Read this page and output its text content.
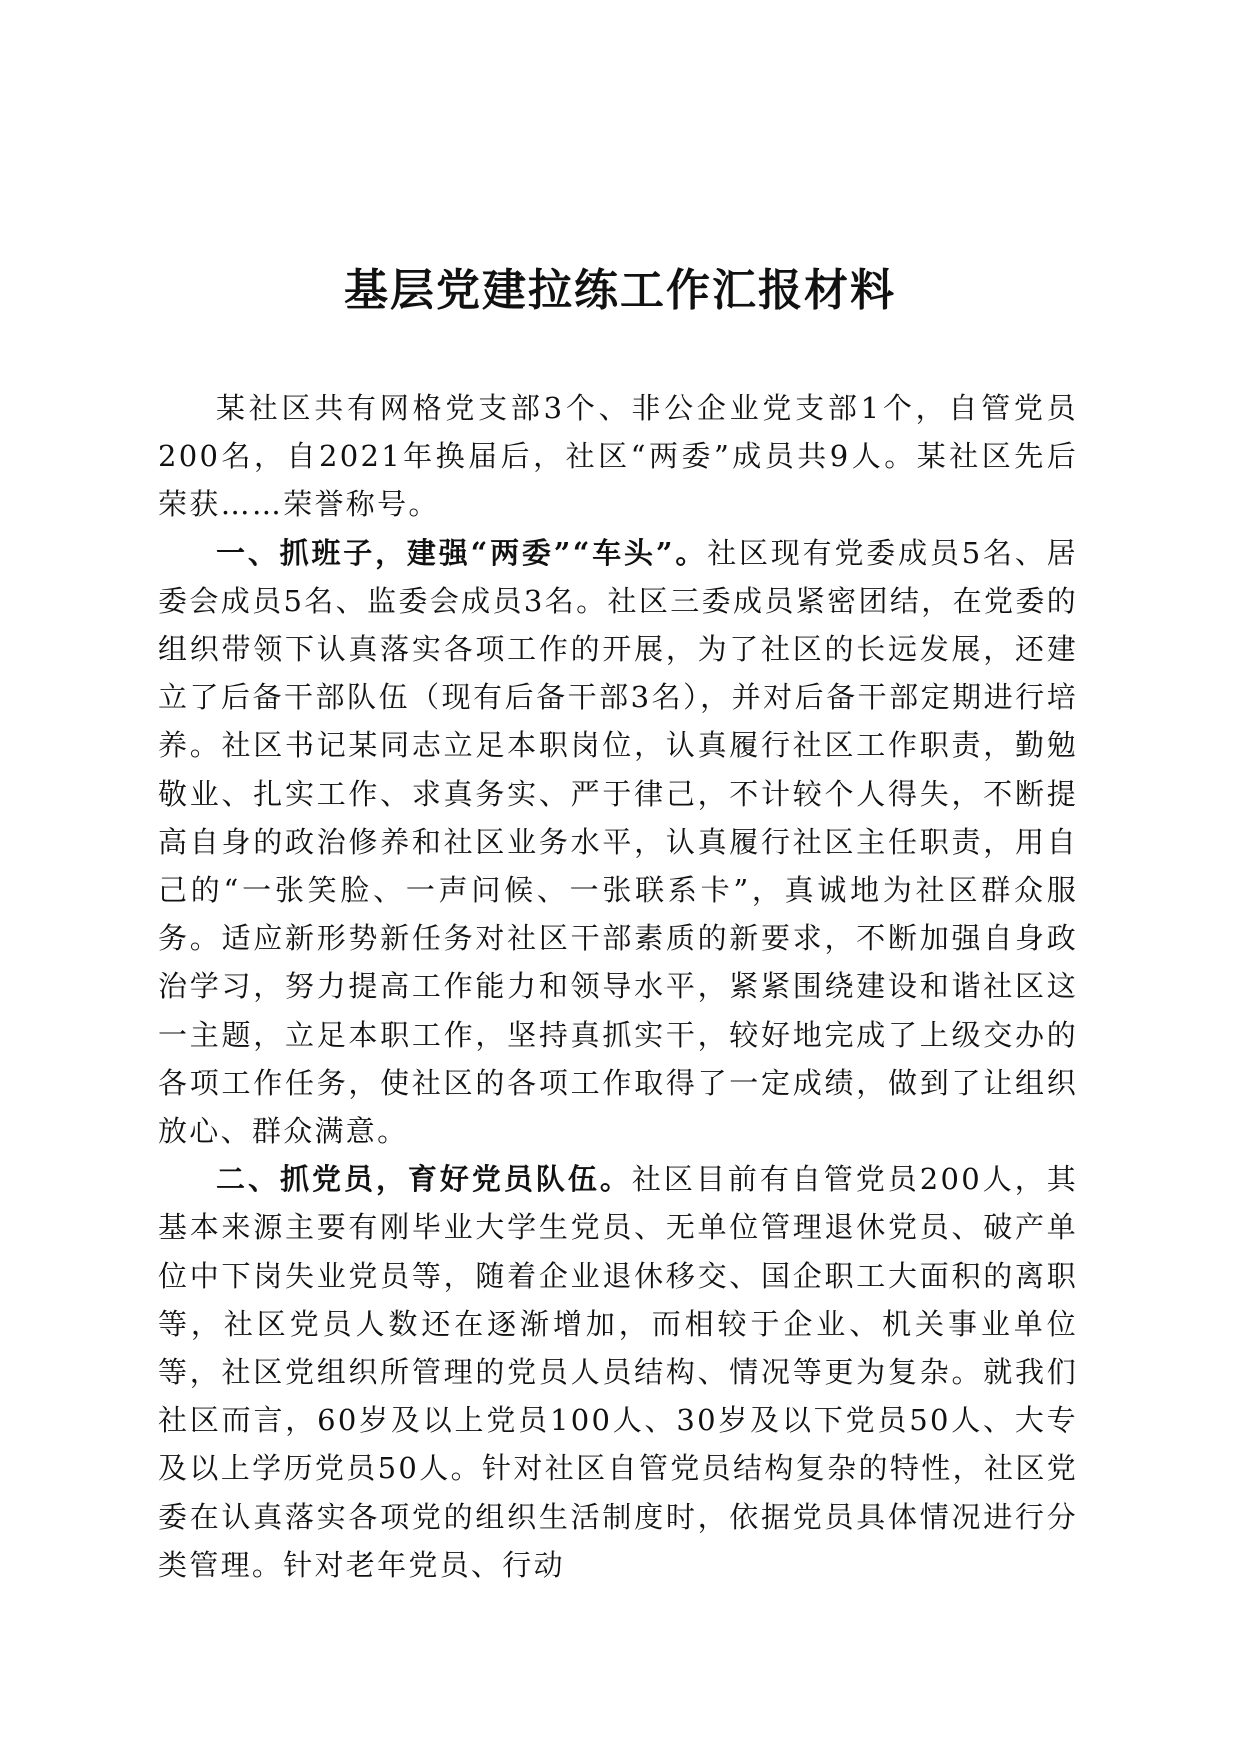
基层党建拉练工作汇报材料

某社区共有网格党支部3个、非公企业党支部1个，自管党员200名，自2021年换届后，社区“两委”成员共9人。某社区先后荣获……荣誉称号。

一、抓班子，建强“两委”“车头”。社区现有党委成员5名、居委会成员5名、监委会成员3名。社区三委成员紧密团结，在党委的组织带领下认真落实各项工作的开展，为了社区的长远发展，还建立了后备干部队伍（现有后备干部3名），并对后备干部定期进行培养。社区书记某同志立足本职岗位，认真履行社区工作职责，勤勉敬业、扎实工作、求真务实、严于律己，不计较个人得失，不断提高自身的政治修养和社区业务水平，认真履行社区主任职责，用自己的“一张笑脸、一声问候、一张联系卡”，真诚地为社区群众服务。适应新形势新任务对社区干部素质的新要求，不断加强自身政治学习，努力提高工作能力和领导水平，紧紧围绕建设和谐社区这一主题，立足本职工作，坚持真抓实干，较好地完成了上级交办的各项工作任务，使社区的各项工作取得了一定成绩，做到了让组织放心、群众满意。

二、抓党员，育好党员队伍。社区目前有自管党员200人，其基本来源主要有刚毕业大学生党员、无单位管理退休党员、破产单位中下岗失业党员等，随着企业退休移交、国企职工大面积的离职等，社区党员人数还在逐渐增加，而相较于企业、机关事业单位等，社区党组织所管理的党员人员结构、情况等更为复杂。就我们社区而言，60岁及以上党员100人、30岁及以下党员50人、大专及以上学历党员50人。针对社区自管党员结构复杂的特性，社区党委在认真落实各项党的组织生活制度时，依据党员具体情况进行分类管理。针对老年党员、行动
